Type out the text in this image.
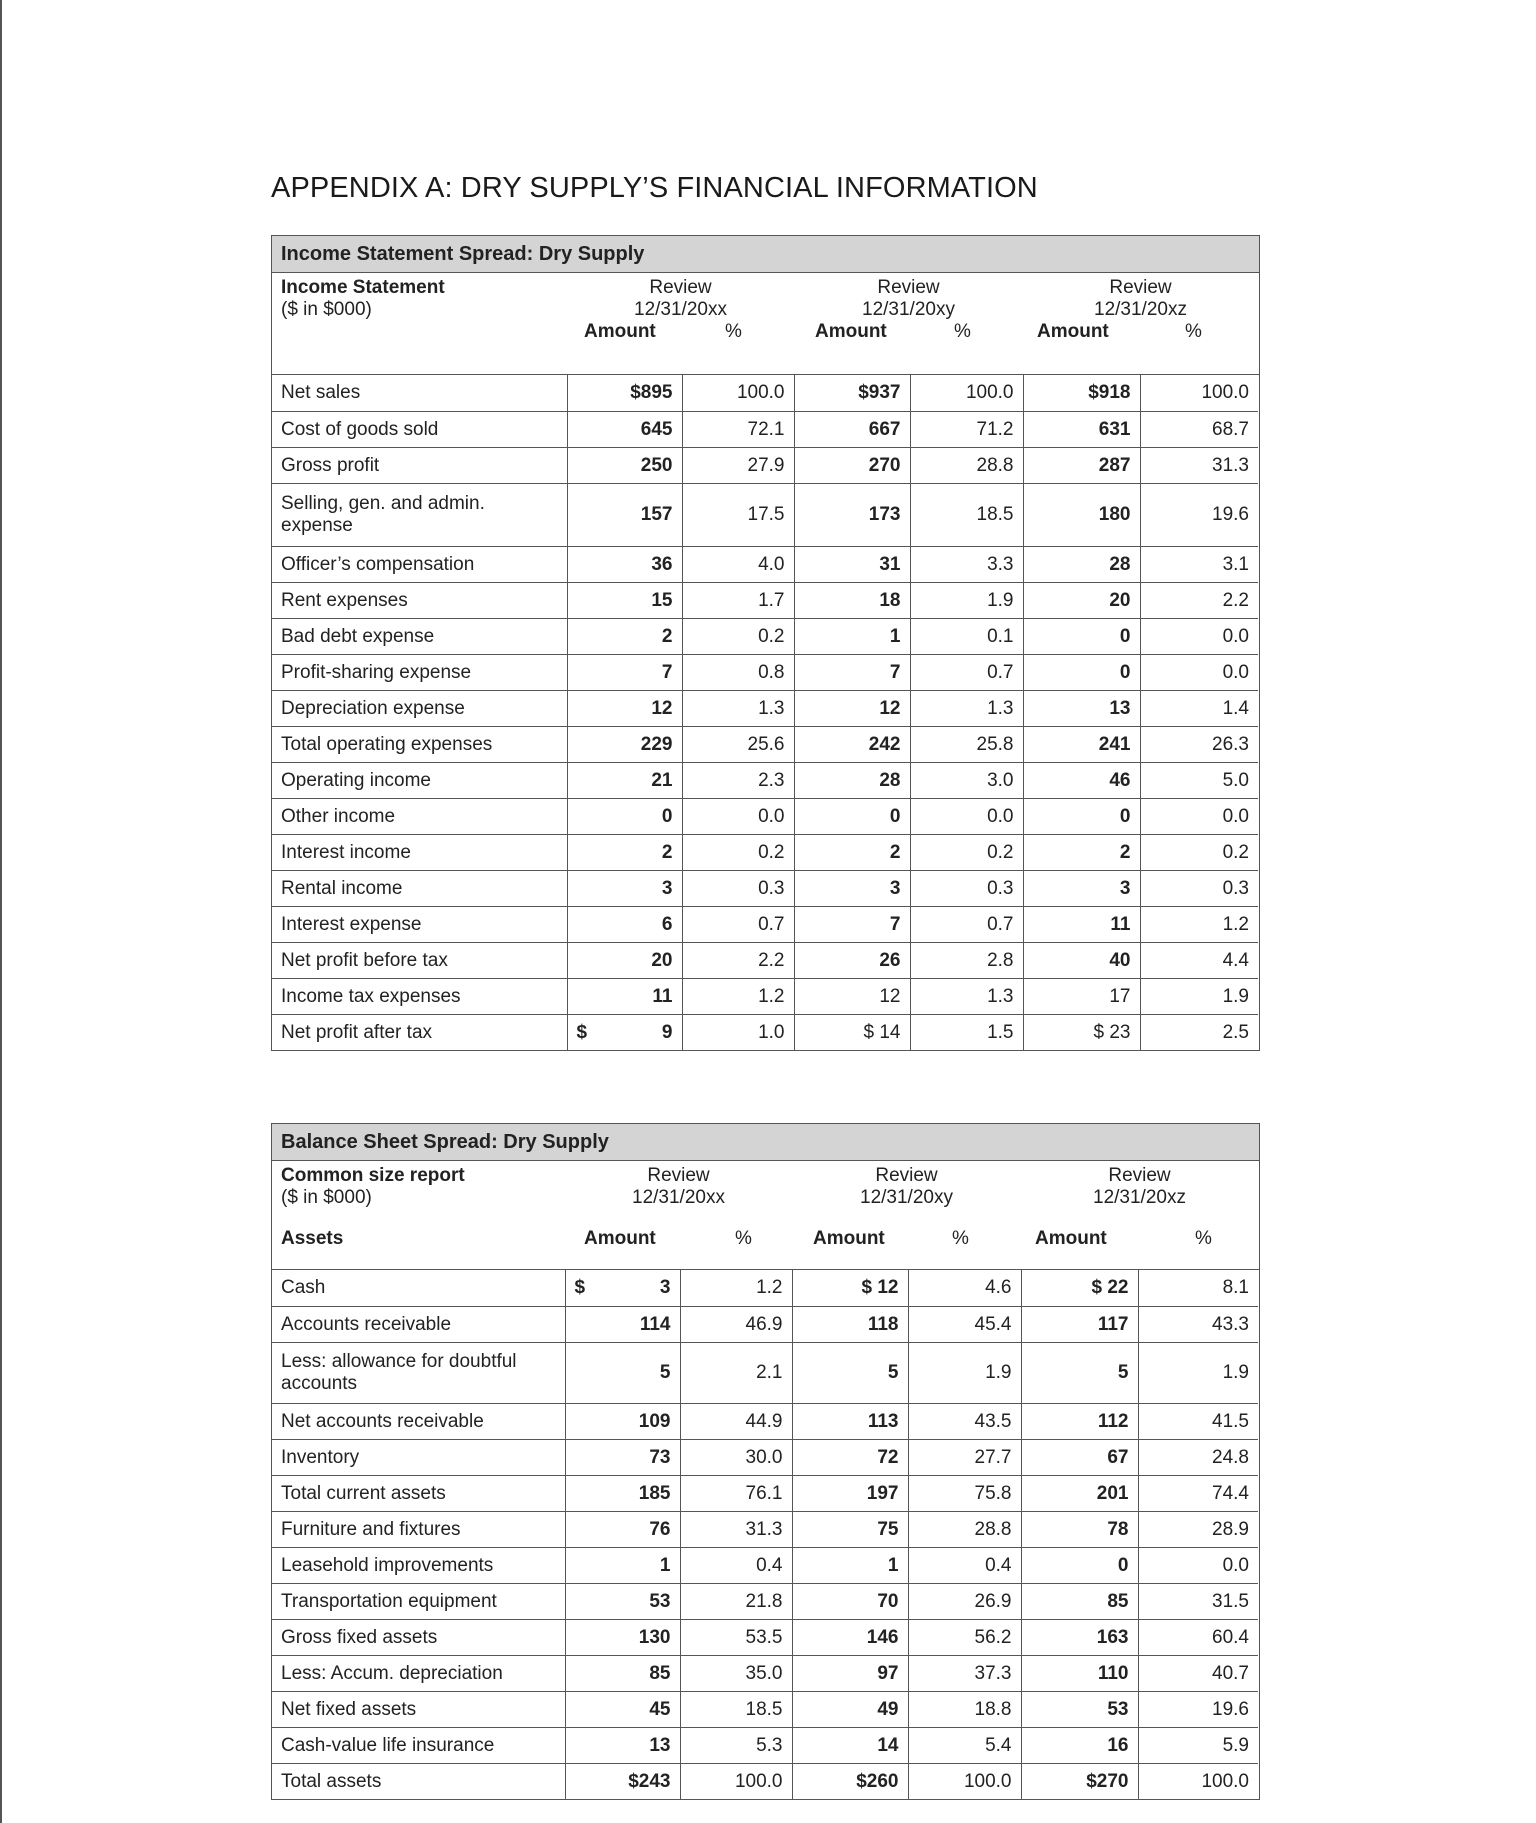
APPENDIX A: DRY SUPPLY’S FINANCIAL INFORMATION
Income Statement Spread: Dry Supply
Income Statement
($ in $000)
Review
12/31/20xx
Amount	%
Review
12/31/20xy
Amount	%
Review
12/31/20xz
Amount	%
Net sales	$895	100.0	$937	100.0	$918	100.0
Cost of goods sold	645	72.1	667	71.2	631	68.7
Gross profit	250	27.9	270	28.8	287	31.3
Selling, gen. and admin. expense	157	17.5	173	18.5	180	19.6
Officer’s compensation	36	4.0	31	3.3	28	3.1
Rent expenses	15	1.7	18	1.9	20	2.2
Bad debt expense	2	0.2	1	0.1	0	0.0
Profit-sharing expense	7	0.8	7	0.7	0	0.0
Depreciation expense	12	1.3	12	1.3	13	1.4
Total operating expenses	229	25.6	242	25.8	241	26.3
Operating income	21	2.3	28	3.0	46	5.0
Other income	0	0.0	0	0.0	0	0.0
Interest income	2	0.2	2	0.2	2	0.2
Rental income	3	0.3	3	0.3	3	0.3
Interest expense	6	0.7	7	0.7	11	1.2
Net profit before tax	20	2.2	26	2.8	40	4.4
Income tax expenses	11	1.2	12	1.3	17	1.9
Net profit after tax	$ 9	1.0	$ 14	1.5	$ 23	2.5
Balance Sheet Spread: Dry Supply
Common size report
($ in $000)
Assets
Review
12/31/20xx
Amount	%
Review
12/31/20xy
Amount	%
Review
12/31/20xz
Amount	%
Cash	$ 3	1.2	$ 12	4.6	$ 22	8.1
Accounts receivable	114	46.9	118	45.4	117	43.3
Less: allowance for doubtful accounts	5	2.1	5	1.9	5	1.9
Net accounts receivable	109	44.9	113	43.5	112	41.5
Inventory	73	30.0	72	27.7	67	24.8
Total current assets	185	76.1	197	75.8	201	74.4
Furniture and fixtures	76	31.3	75	28.8	78	28.9
Leasehold improvements	1	0.4	1	0.4	0	0.0
Transportation equipment	53	21.8	70	26.9	85	31.5
Gross fixed assets	130	53.5	146	56.2	163	60.4
Less: Accum. depreciation	85	35.0	97	37.3	110	40.7
Net fixed assets	45	18.5	49	18.8	53	19.6
Cash-value life insurance	13	5.3	14	5.4	16	5.9
Total assets	$243	100.0	$260	100.0	$270	100.0
